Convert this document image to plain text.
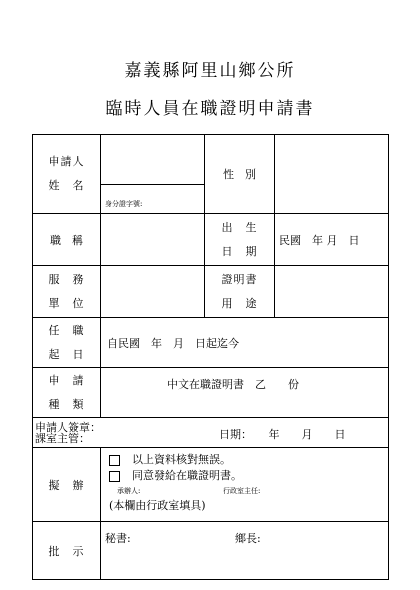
嘉義縣阿里山鄉公所
臨時人員在職證明申請書
申請人
姓　名		性　別	
	身分證字號:		
職　稱		出　生
日　期	民國　年 月　日

服　務
單　位		證明書
用　途	

任　職
起　日	自民國　年　月　日起迄今		

申　請
種　類	中文在職證明書　乙　　份		

申請人簽章：
課室主管： 日期：　　年　　月　　日			

擬　辦	以上資料核對無誤。
同意發給在職證明書。
承辦人: 行政室主任:
(本欄由行政室填具)		

批　示	秘書: 鄉長:		
